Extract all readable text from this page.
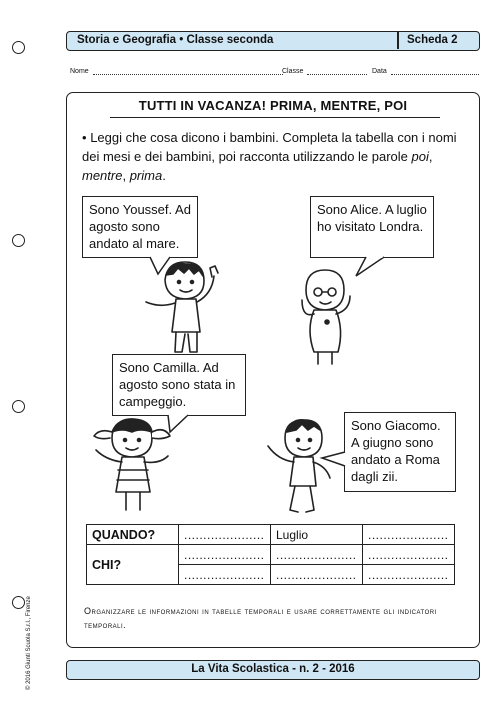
Storia e Geografia • Classe seconda	Scheda 2
Nome	Classe	Data
TUTTI IN VACANZA! PRIMA, MENTRE, POI
• Leggi che cosa dicono i bambini. Completa la tabella con i nomi dei mesi e dei bambini, poi racconta utilizzando le parole poi, mentre, prima.
Sono Youssef. Ad agosto sono andato al mare.
Sono Alice. A luglio ho visitato Londra.
Sono Camilla. Ad agosto sono stata in campeggio.
Sono Giacomo. A giugno sono andato a Roma dagli zii.
QUANDO?	.....................	Luglio	.....................
CHI?	.....................	.....................	.....................
	.....................	.....................	.....................
Organizzare le informazioni in tabelle temporali e usare correttamente gli indicatori temporali.
La Vita Scolastica - n. 2 - 2016
© 2016 Giunti Scuola S.r.l., Firenze
